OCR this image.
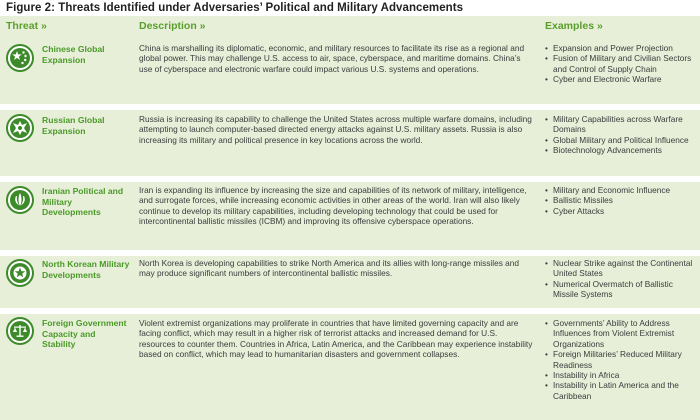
Figure 2: Threats Identified under Adversaries’ Political and Military Advancements
Threat »	Description »	Examples »
Chinese Global Expansion
China is marshalling its diplomatic, economic, and military resources to facilitate its rise as a regional and global power. This may challenge U.S. access to air, space, cyberspace, and maritime domains. China’s use of cyberspace and electronic warfare could impact various U.S. systems and operations.
• Expansion and Power Projection
• Fusion of Military and Civilian Sectors and Control of Supply Chain
• Cyber and Electronic Warfare
Russian Global Expansion
Russia is increasing its capability to challenge the United States across multiple warfare domains, including attempting to launch computer-based directed energy attacks against U.S. military assets. Russia is also increasing its military and political presence in key locations across the world.
• Military Capabilities across Warfare Domains
• Global Military and Political Influence
• Biotechnology Advancements
Iranian Political and Military Developments
Iran is expanding its influence by increasing the size and capabilities of its network of military, intelligence, and surrogate forces, while increasing economic activities in other areas of the world. Iran will also likely continue to develop its military capabilities, including developing technology that could be used for intercontinental ballistic missiles (ICBM) and improving its offensive cyberspace operations.
• Military and Economic Influence
• Ballistic Missiles
• Cyber Attacks
North Korean Military Developments
North Korea is developing capabilities to strike North America and its allies with long-range missiles and may produce significant numbers of intercontinental ballistic missiles.
• Nuclear Strike against the Continental United States
• Numerical Overmatch of Ballistic Missile Systems
Foreign Government Capacity and Stability
Violent extremist organizations may proliferate in countries that have limited governing capacity and are facing conflict, which may result in a higher risk of terrorist attacks and increased demand for U.S. resources to counter them. Countries in Africa, Latin America, and the Caribbean may experience instability based on conflict, which may lead to humanitarian disasters and government collapses.
• Governments’ Ability to Address Influences from Violent Extremist Organizations
• Foreign Militaries’ Reduced Military Readiness
• Instability in Africa
• Instability in Latin America and the Caribbean
